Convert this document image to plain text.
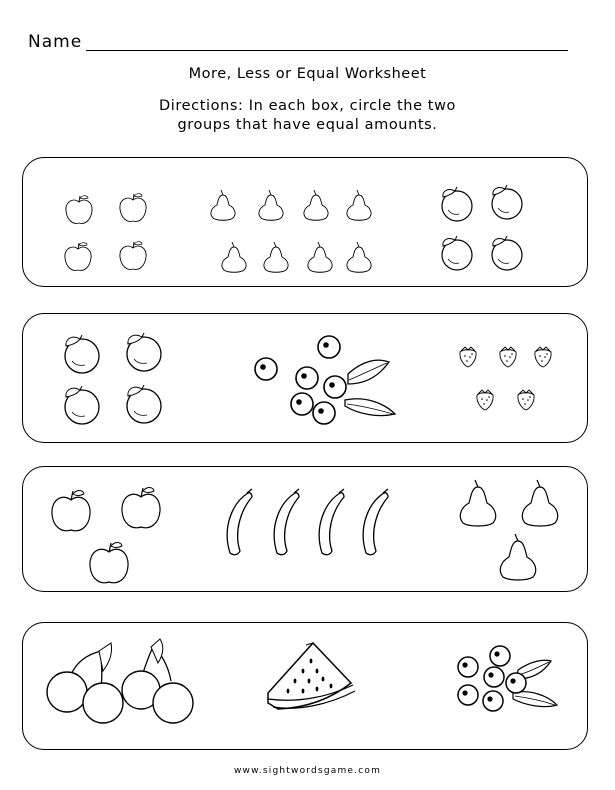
Name
More, Less or Equal Worksheet
Directions: In each box, circle the two
groups that have equal amounts.
www.sightwordsgame.com
